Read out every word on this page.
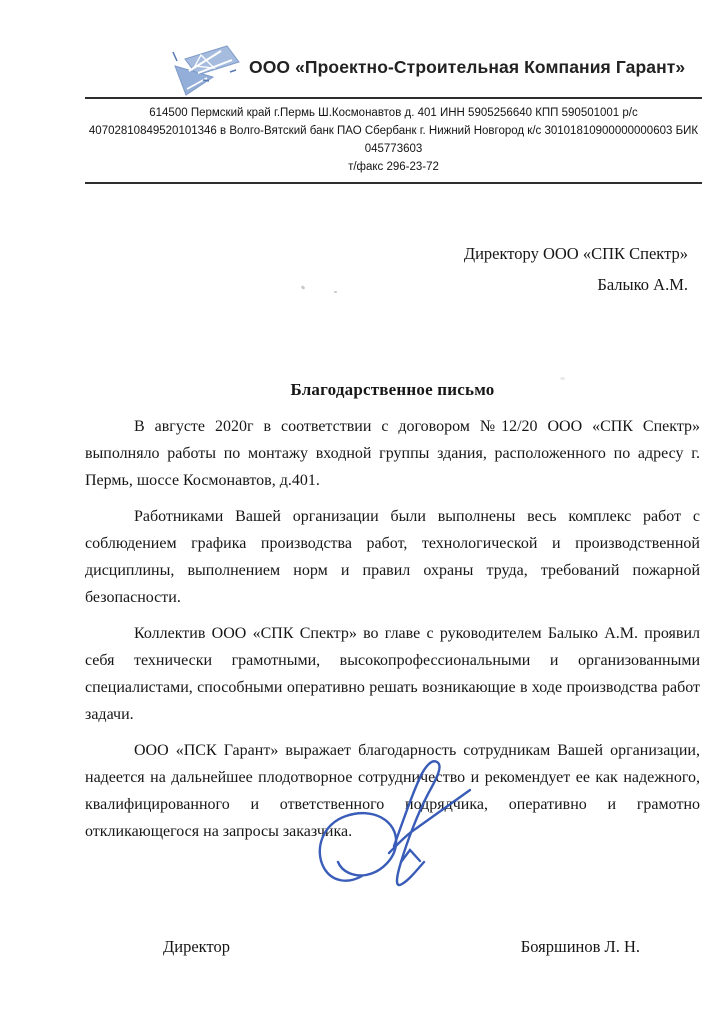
ООО «Проектно-Строительная Компания Гарант»
614500 Пермский край г.Пермь Ш.Космонавтов д. 401 ИНН 5905256640 КПП 590501001 р/с
40702810849520101346 в Волго-Вятский банк ПАО Сбербанк г. Нижний Новгород к/с 30101810900000000603 БИК 045773603
т/факс 296-23-72
Директору ООО «СПК Спектр»
Балыко А.М.
Благодарственное письмо

В августе 2020г в соответствии с договором №12/20 ООО «СПК Спектр» выполняло работы по монтажу входной группы здания, расположенного по адресу г. Пермь, шоссе Космонавтов, д.401.

Работниками Вашей организации были выполнены весь комплекс работ с соблюдением графика производства работ, технологической и производственной дисциплины, выполнением норм и правил охраны труда, требований пожарной безопасности.

Коллектив ООО «СПК Спектр» во главе с руководителем Балыко А.М. проявил себя технически грамотными, высокопрофессиональными и организованными специалистами, способными оперативно решать возникающие в ходе производства работ задачи.

ООО «ПСК Гарант» выражает благодарность сотрудникам Вашей организации, надеется на дальнейшее плодотворное сотрудничество и рекомендует ее как надежного, квалифицированного и ответственного подрядчика, оперативно и грамотно откликающегося на запросы заказчика.

Директор	Бояршинов Л. Н.
